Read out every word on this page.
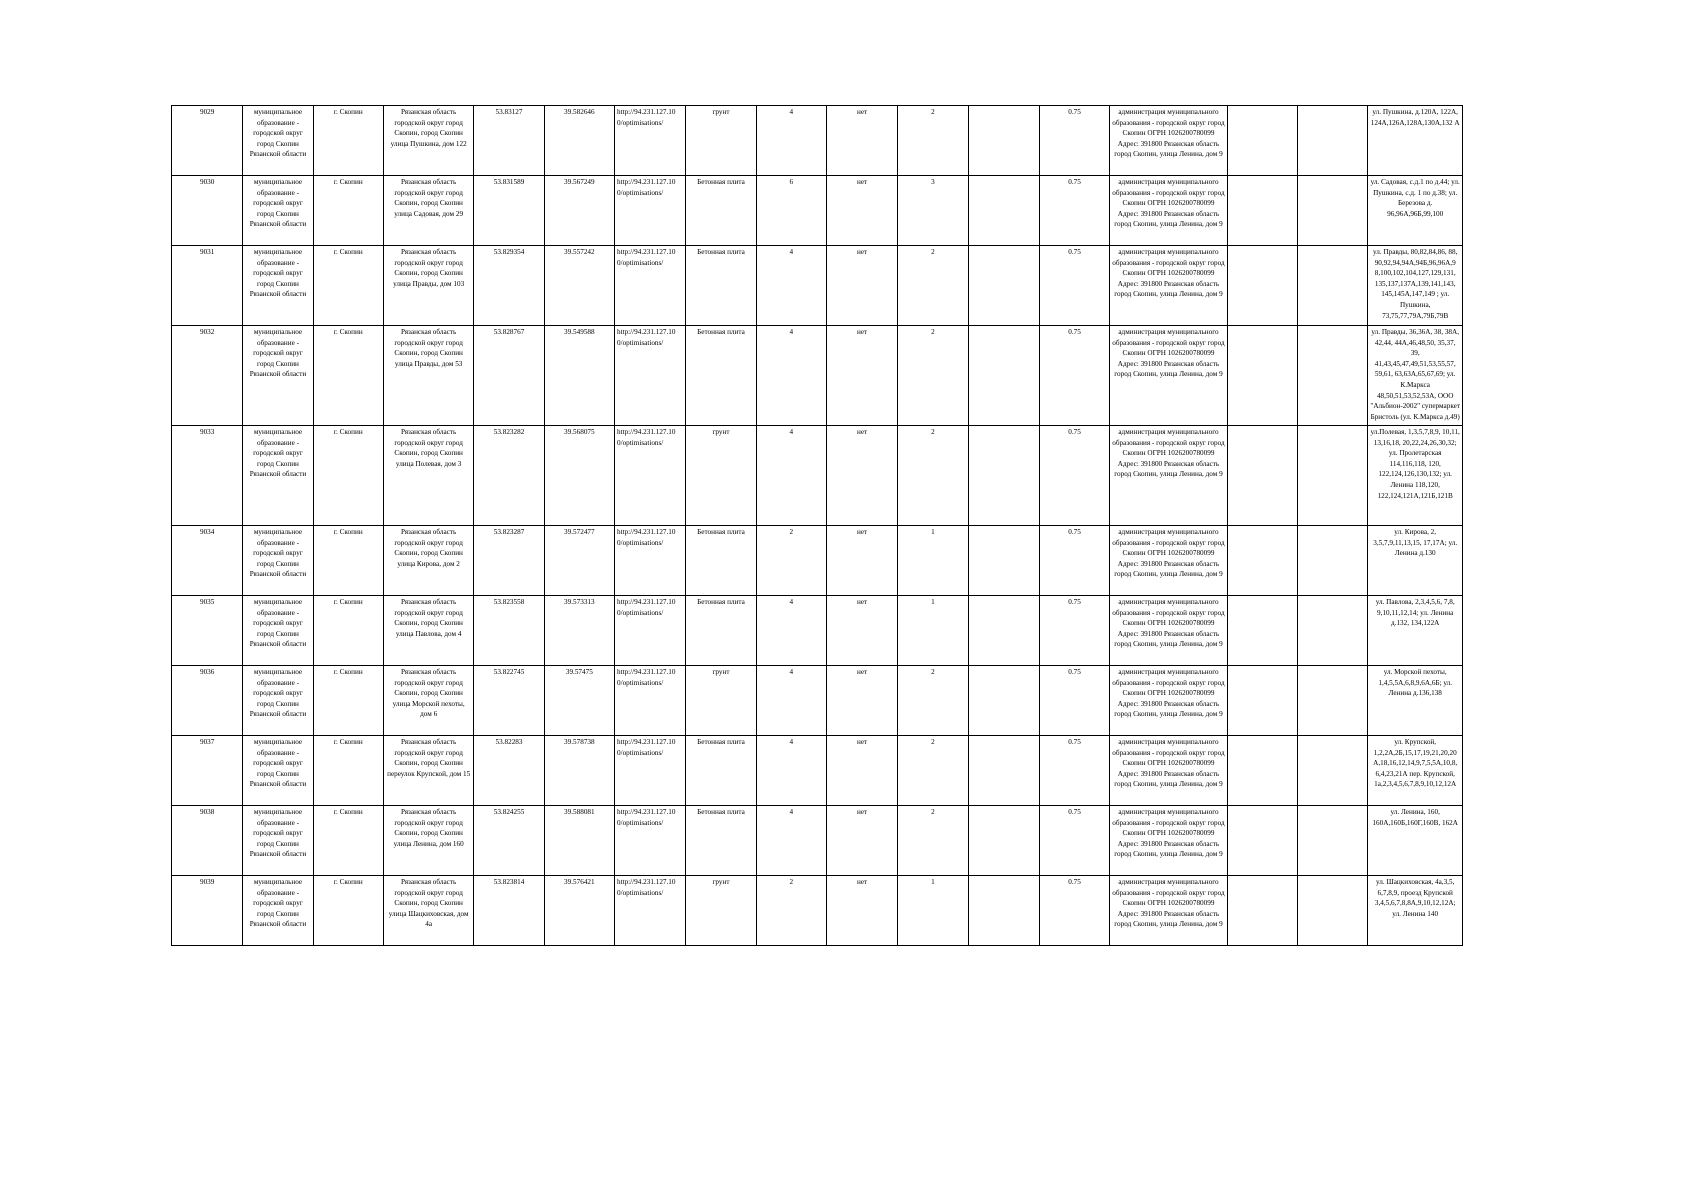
9029	муниципальное образование - городской округ город Скопин Рязанской области	г. Скопин	Рязанская область городской округ город Скопин, город Скопин улица Пушкина, дом 122	53.83127	39.582646	http://94.231.127.10 0/optimisations/	грунт	4	нет	2		0.75	администрация муниципального образования - городской округ город Скопин ОГРН 1026200780099 Адрес: 391800 Рязанская область город Скопин, улица Ленина, дом 9			ул. Пушкина, д.120А, 122А, 124А,126А,128А,130А,132 А
9030	муниципальное образование - городской округ город Скопин Рязанской области	г. Скопин	Рязанская область городской округ город Скопин, город Скопин улица Садовая, дом 29	53.831589	39.567249	http://94.231.127.10 0/optimisations/	Бетонная плита	6	нет	3		0.75	администрация муниципального образования - городской округ город Скопин ОГРН 1026200780099 Адрес: 391800 Рязанская область город Скопин, улица Ленина, дом 9			ул. Садовая, с.д.1 по д.44; ул. Пушкина, с.д. 1 по д.38; ул. Березова д. 96,96А,96Б,99,100
9031	муниципальное образование - городской округ город Скопин Рязанской области	г. Скопин	Рязанская область городской округ город Скопин, город Скопин улица Правды, дом 103	53.829354	39.557242	http://94.231.127.10 0/optimisations/	Бетонная плита	4	нет	2		0.75	администрация муниципального образования - городской округ город Скопин ОГРН 1026200780099 Адрес: 391800 Рязанская область город Скопин, улица Ленина, дом 9			ул. Правды, 80,82,84,86, 88, 90,92,94,94А,94Б,96,96А,9 8,100,102,104,127,129,131, 135,137,137А,139,141,143, 145,145А,147,149 ; ул. Пушкина, 73,75,77,79А,79Б,79В
9032	муниципальное образование - городской округ город Скопин Рязанской области	г. Скопин	Рязанская область городской округ город Скопин, город Скопин улица Правды, дом 53	53.828767	39.549588	http://94.231.127.10 0/optimisations/	Бетонная плита	4	нет	2		0.75	администрация муниципального образования - городской округ город Скопин ОГРН 1026200780099 Адрес: 391800 Рязанская область город Скопин, улица Ленина, дом 9			ул. Правды, 36,36А, 38, 38А, 42,44, 44А,46,48,50, 35,37, 39, 41,43,45,47,49,51,53,55,57, 59,61, 63,63А,65,67,69; ул. К.Маркса 48,50,51,53,52,53А, ООО "Альбион-2002" супермаркет Бристоль (ул. К.Маркса д.49)
9033	муниципальное образование - городской округ город Скопин Рязанской области	г. Скопин	Рязанская область городской округ город Скопин, город Скопин улица Полевая, дом 3	53.823282	39.568075	http://94.231.127.10 0/optimisations/	грунт	4	нет	2		0.75	администрация муниципального образования - городской округ город Скопин ОГРН 1026200780099 Адрес: 391800 Рязанская область город Скопин, улица Ленина, дом 9			ул.Полевая, 1,3,5,7,8,9, 10,11, 13,16,18, 20,22,24,26,30,32; ул. Пролетарская 114,116,118, 120, 122,124,126,130,132; ул. Ленина 118,120, 122,124,121А,121Б,121В
9034	муниципальное образование - городской округ город Скопин Рязанской области	г. Скопин	Рязанская область городской округ город Скопин, город Скопин улица Кирова, дом 2	53.823287	39.572477	http://94.231.127.10 0/optimisations/	Бетонная плита	2	нет	1		0.75	администрация муниципального образования - городской округ город Скопин ОГРН 1026200780099 Адрес: 391800 Рязанская область город Скопин, улица Ленина, дом 9			ул. Кирова, 2, 3,5,7,9,11,13,15, 17,17А; ул. Ленина д.130
9035	муниципальное образование - городской округ город Скопин Рязанской области	г. Скопин	Рязанская область городской округ город Скопин, город Скопин улица Павлова, дом 4	53.823558	39.573313	http://94.231.127.10 0/optimisations/	Бетонная плита	4	нет	1		0.75	администрация муниципального образования - городской округ город Скопин ОГРН 1026200780099 Адрес: 391800 Рязанская область город Скопин, улица Ленина, дом 9			ул. Павлова, 2,3,4,5,6, 7,8, 9,10,11,12,14; ул. Ленина д.132, 134,122А
9036	муниципальное образование - городской округ город Скопин Рязанской области	г. Скопин	Рязанская область городской округ город Скопин, город Скопин улица Морской пехоты, дом 6	53.822745	39.57475	http://94.231.127.10 0/optimisations/	грунт	4	нет	2		0.75	администрация муниципального образования - городской округ город Скопин ОГРН 1026200780099 Адрес: 391800 Рязанская область город Скопин, улица Ленина, дом 9			ул. Морской пехоты, 1,4,5,5А,6,8,9,6А,6Б; ул. Ленина д.136,138
9037	муниципальное образование - городской округ город Скопин Рязанской области	г. Скопин	Рязанская область городской округ город Скопин, город Скопин переулок Крупской, дом 15	53.82283	39.578738	http://94.231.127.10 0/optimisations/	Бетонная плита	4	нет	2		0.75	администрация муниципального образования - городской округ город Скопин ОГРН 1026200780099 Адрес: 391800 Рязанская область город Скопин, улица Ленина, дом 9			ул. Крупской, 1,2,2А,2Б,15,17,19,21,20,20 А,18,16,12,14,9,7,5,5А,10,8, 6,4,23,21А пер. Крупской, 1а,2,3,4,5,6,7,8,9,10,12,12А
9038	муниципальное образование - городской округ город Скопин Рязанской области	г. Скопин	Рязанская область городской округ город Скопин, город Скопин улица Ленина, дом 160	53.824255	39.588081	http://94.231.127.10 0/optimisations/	Бетонная плита	4	нет	2		0.75	администрация муниципального образования - городской округ город Скопин ОГРН 1026200780099 Адрес: 391800 Рязанская область город Скопин, улица Ленина, дом 9			ул. Ленина, 160, 160А,160Б,160Г,160В, 162А
9039	муниципальное образование - городской округ город Скопин Рязанской области	г. Скопин	Рязанская область городской округ город Скопин, город Скопин улица Шацкиховская, дом 4а	53.823814	39.576421	http://94.231.127.10 0/optimisations/	грунт	2	нет	1		0.75	администрация муниципального образования - городской округ город Скопин ОГРН 1026200780099 Адрес: 391800 Рязанская область город Скопин, улица Ленина, дом 9			ул. Шацкиховская, 4а,3,5, 6,7,8,9, проезд Крупской 3,4,5,6,7,8,8А,9,10,12,12А; ул. Ленина 140
